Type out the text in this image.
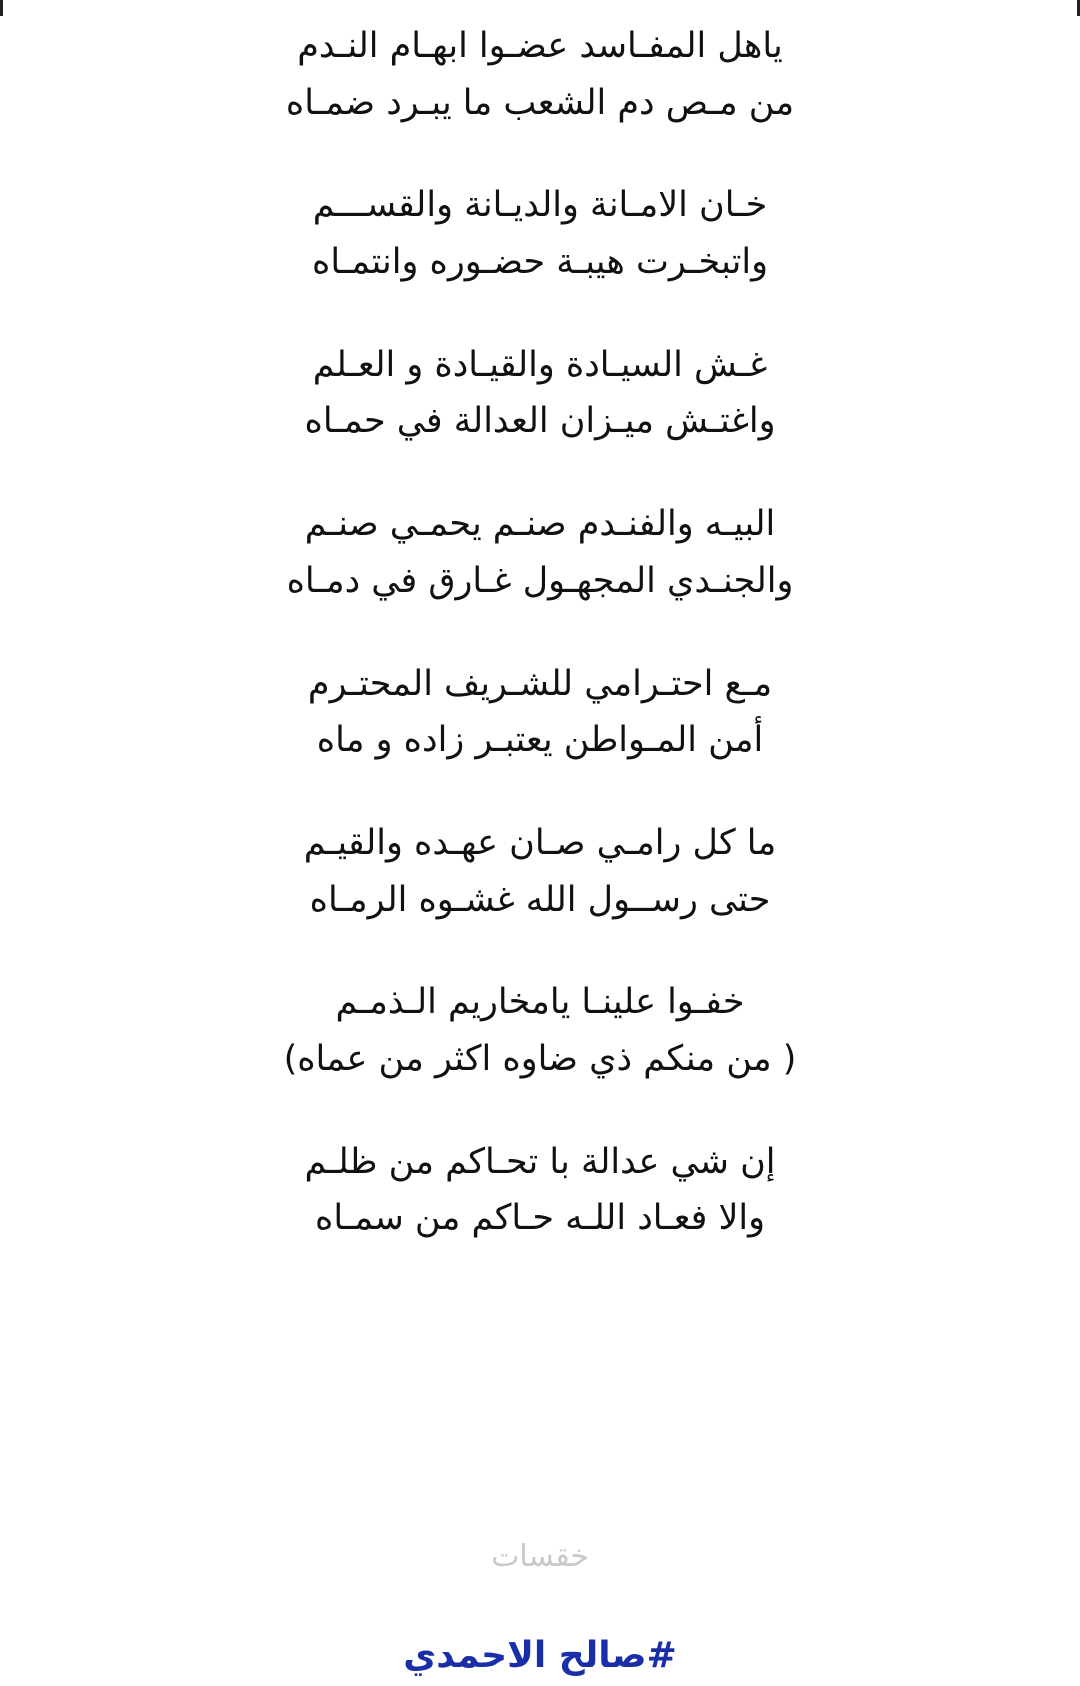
ياهل المفـاسد عضـوا ابهـام النـدم
من مـص دم الشعب ما يبـرد ضمـاه
خـان الامـانة والديـانة والقســـم
واتبخـرت هيبـة حضـوره وانتمـاه
غـش السيـادة والقيـادة و العـلم
واغتـش ميـزان العدالة في حمـاه
البيـه والفنـدم صنـم يحمـي صنـم
والجنـدي المجهـول غـارق في دمـاه
مـع احتـرامي للشـريف المحتـرم
أمن المـواطن يعتبـر زاده و ماه
ما كل رامـي صـان عهـده والقيـم
حتى رســول الله غشـوه الرمـاه
خفـوا علينـا يامخاريم الـذمـم
( من منكم ذي ضاوه اكثر من عماه)
إن شي عدالة با تحـاكم من ظلـم
والا فعـاد اللـه حـاكم من سمـاه
خقسات
#صالح الاحمدي
